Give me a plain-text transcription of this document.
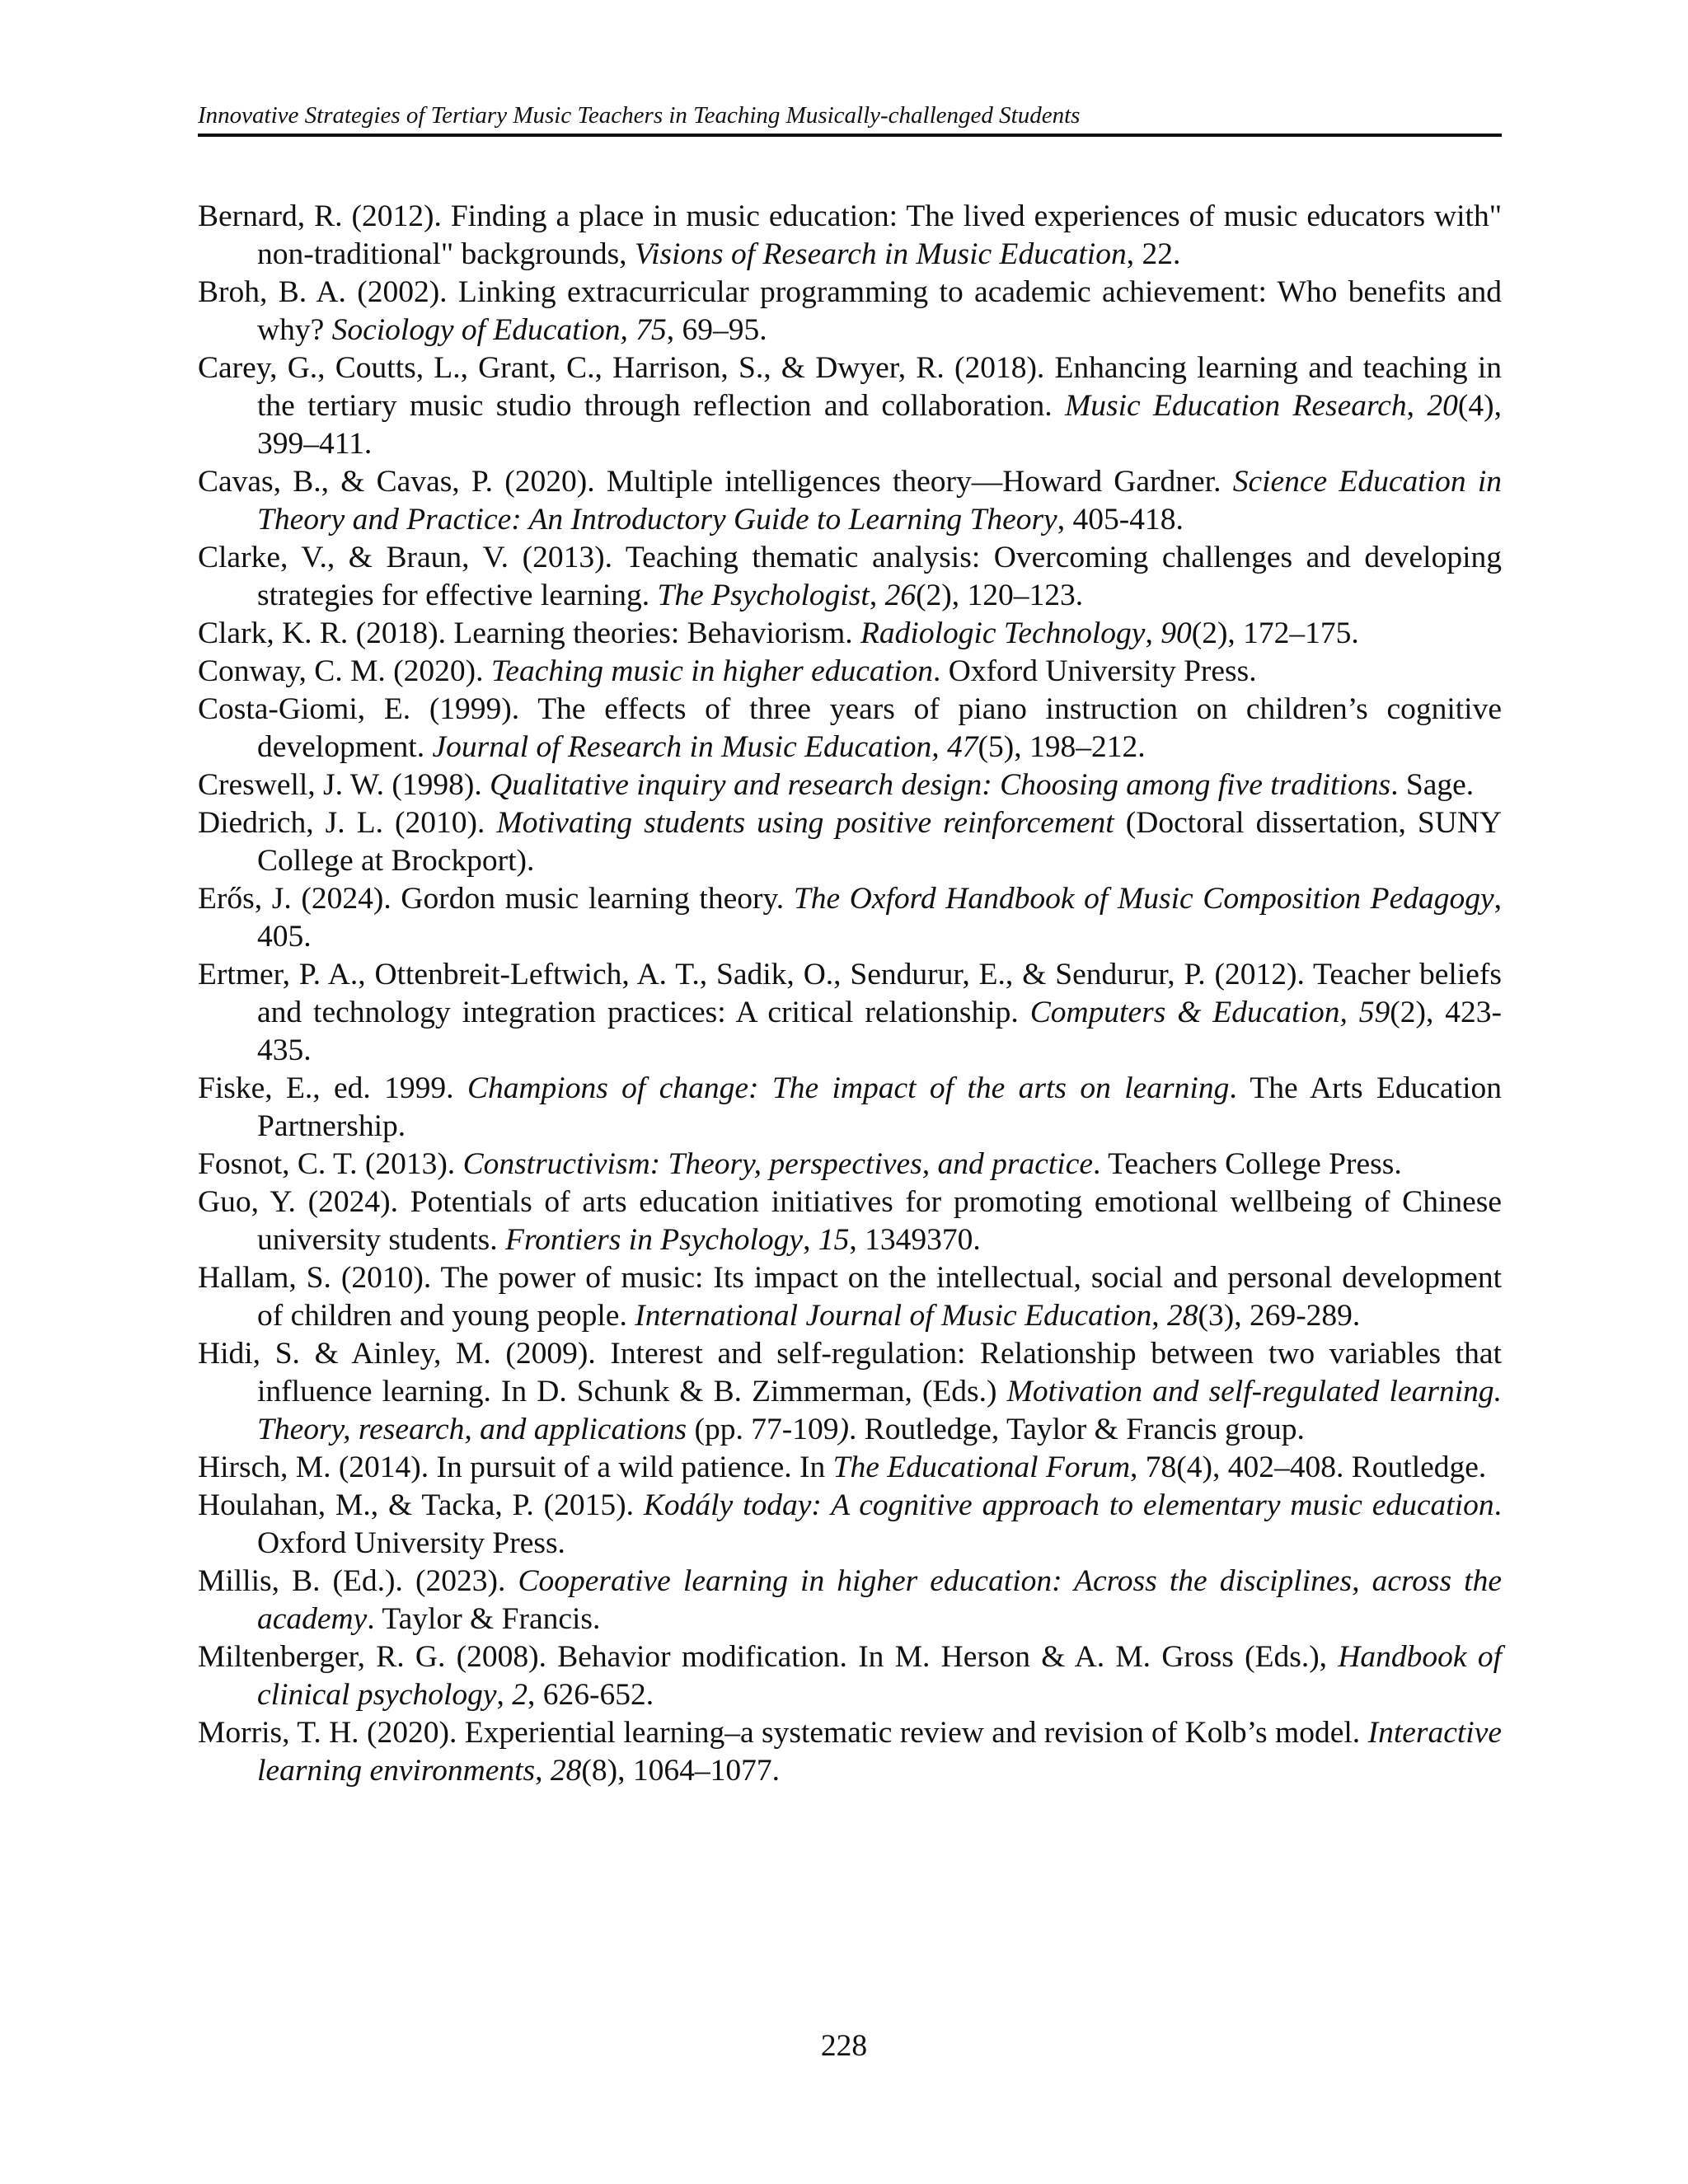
Innovative Strategies of Tertiary Music Teachers in Teaching Musically-challenged Students

Bernard, R. (2012). Finding a place in music education: The lived experiences of music educators with" non-traditional" backgrounds, Visions of Research in Music Education, 22.

Broh, B. A. (2002). Linking extracurricular programming to academic achievement: Who benefits and why? Sociology of Education, 75, 69–95.

Carey, G., Coutts, L., Grant, C., Harrison, S., & Dwyer, R. (2018). Enhancing learning and teaching in the tertiary music studio through reflection and collaboration. Music Education Research, 20(4), 399–411.

Cavas, B., & Cavas, P. (2020). Multiple intelligences theory—Howard Gardner. Science Education in Theory and Practice: An Introductory Guide to Learning Theory, 405-418.

Clarke, V., & Braun, V. (2013). Teaching thematic analysis: Overcoming challenges and developing strategies for effective learning. The Psychologist, 26(2), 120–123.

Clark, K. R. (2018). Learning theories: Behaviorism. Radiologic Technology, 90(2), 172–175.

Conway, C. M. (2020). Teaching music in higher education. Oxford University Press.

Costa-Giomi, E. (1999). The effects of three years of piano instruction on children’s cognitive development. Journal of Research in Music Education, 47(5), 198–212.

Creswell, J. W. (1998). Qualitative inquiry and research design: Choosing among five traditions. Sage.

Diedrich, J. L. (2010). Motivating students using positive reinforcement (Doctoral dissertation, SUNY College at Brockport).

Erős, J. (2024). Gordon music learning theory. The Oxford Handbook of Music Composition Pedagogy, 405.

Ertmer, P. A., Ottenbreit-Leftwich, A. T., Sadik, O., Sendurur, E., & Sendurur, P. (2012). Teacher beliefs and technology integration practices: A critical relationship. Computers & Education, 59(2), 423-435.

Fiske, E., ed. 1999. Champions of change: The impact of the arts on learning. The Arts Education Partnership.

Fosnot, C. T. (2013). Constructivism: Theory, perspectives, and practice. Teachers College Press.

Guo, Y. (2024). Potentials of arts education initiatives for promoting emotional wellbeing of Chinese university students. Frontiers in Psychology, 15, 1349370.

Hallam, S. (2010). The power of music: Its impact on the intellectual, social and personal development of children and young people. International Journal of Music Education, 28(3), 269-289.

Hidi, S. & Ainley, M. (2009). Interest and self-regulation: Relationship between two variables that influence learning. In D. Schunk & B. Zimmerman, (Eds.) Motivation and self-regulated learning. Theory, research, and applications (pp. 77-109). Routledge, Taylor & Francis group.

Hirsch, M. (2014). In pursuit of a wild patience. In The Educational Forum, 78(4), 402–408. Routledge.

Houlahan, M., & Tacka, P. (2015). Kodály today: A cognitive approach to elementary music education. Oxford University Press.

Millis, B. (Ed.). (2023). Cooperative learning in higher education: Across the disciplines, across the academy. Taylor & Francis.

Miltenberger, R. G. (2008). Behavior modification. In M. Herson & A. M. Gross (Eds.), Handbook of clinical psychology, 2, 626-652.

Morris, T. H. (2020). Experiential learning–a systematic review and revision of Kolb’s model. Interactive learning environments, 28(8), 1064–1077.

228
